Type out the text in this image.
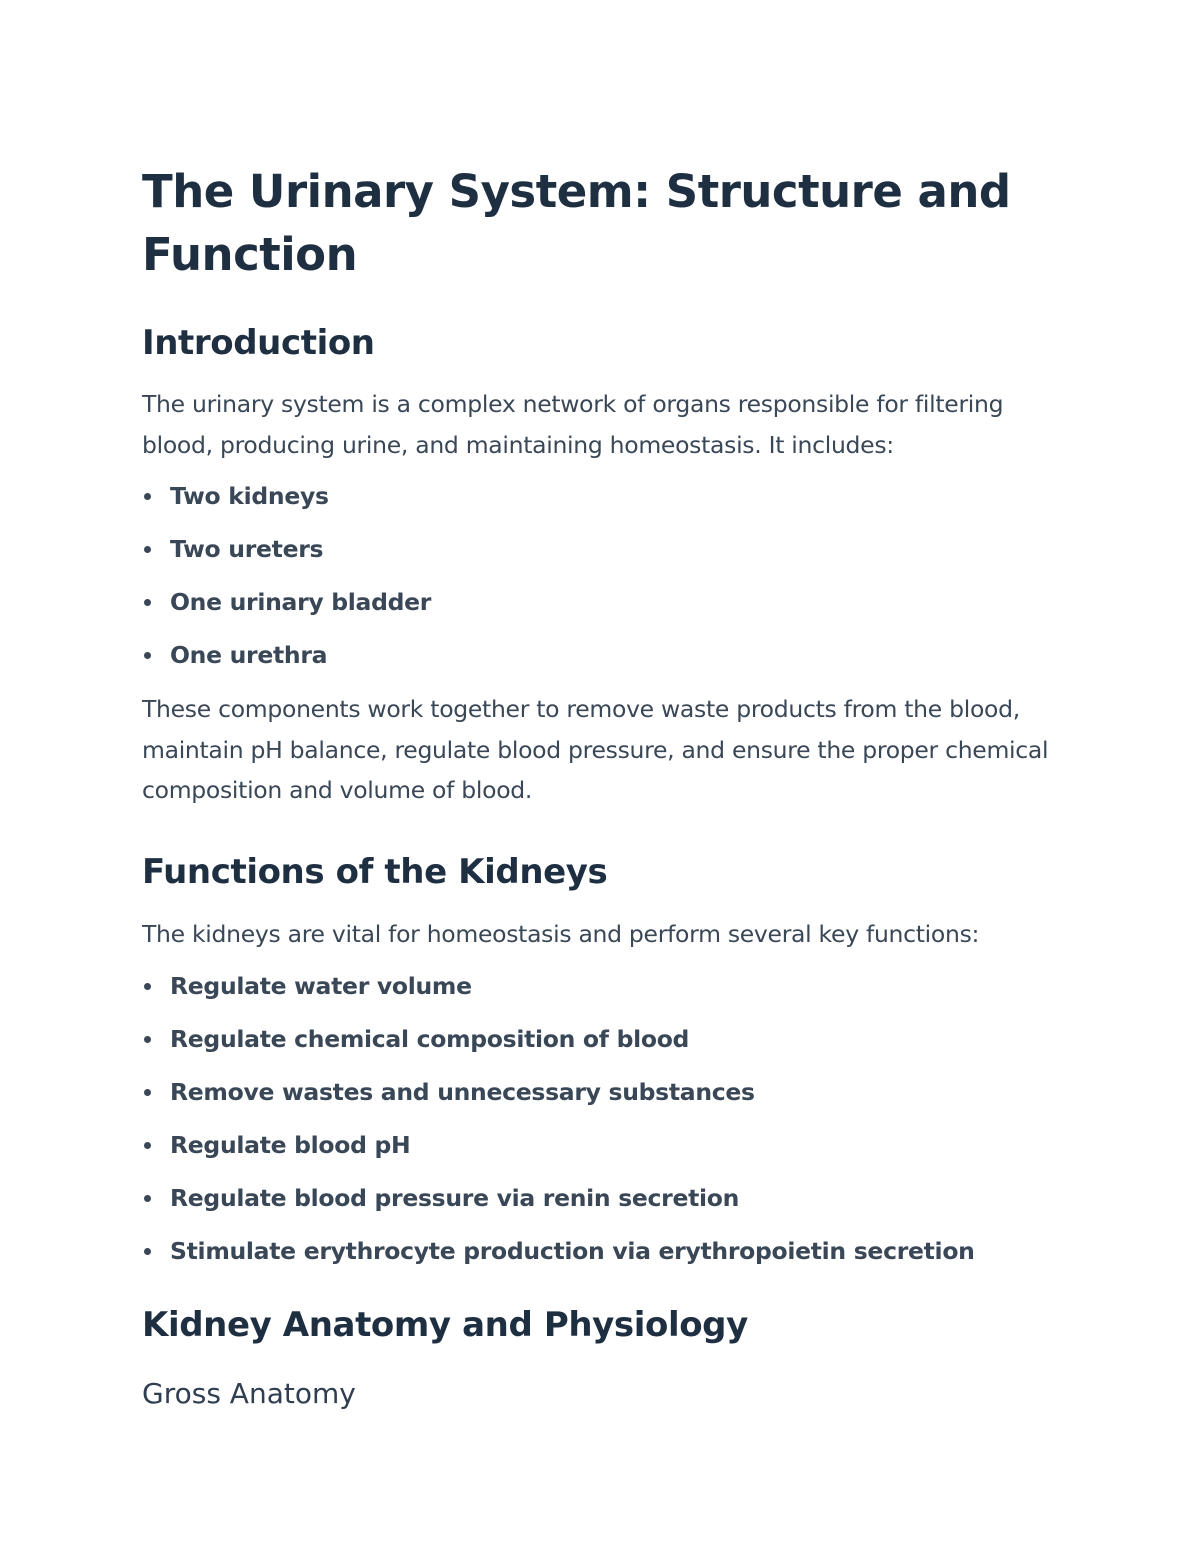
The Urinary System: Structure and Function
Introduction

The urinary system is a complex network of organs responsible for filtering blood, producing urine, and maintaining homeostasis. It includes:

Two kidneys
Two ureters
One urinary bladder
One urethra

These components work together to remove waste products from the blood, maintain pH balance, regulate blood pressure, and ensure the proper chemical composition and volume of blood.

Functions of the Kidneys

The kidneys are vital for homeostasis and perform several key functions:

Regulate water volume
Regulate chemical composition of blood
Remove wastes and unnecessary substances
Regulate blood pH
Regulate blood pressure via renin secretion
Stimulate erythrocyte production via erythropoietin secretion
Kidney Anatomy and Physiology
Gross Anatomy
